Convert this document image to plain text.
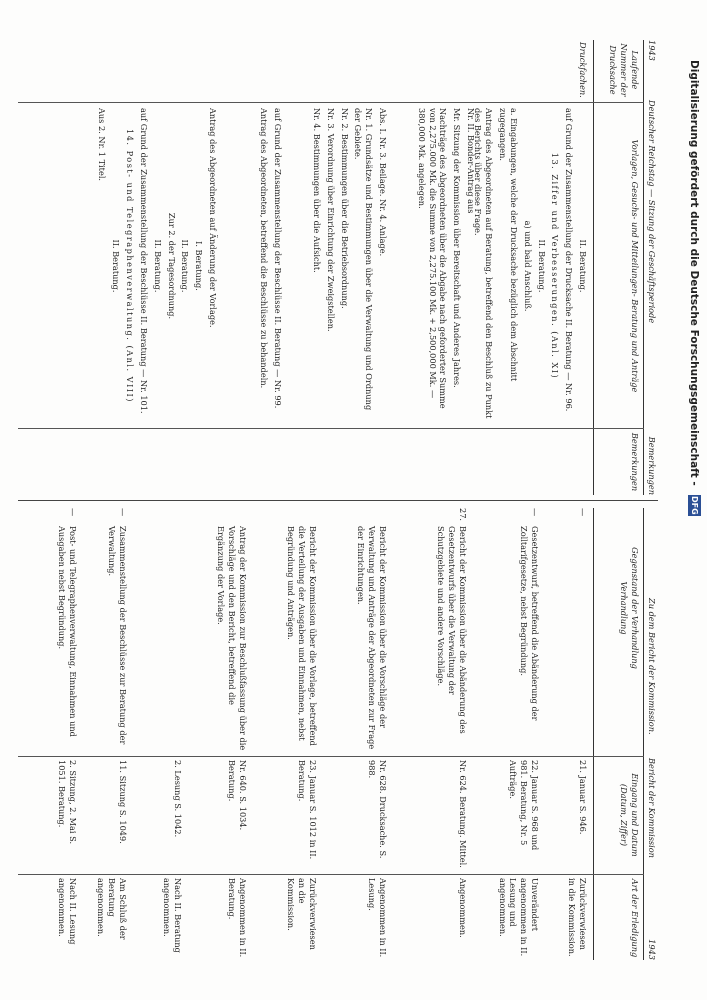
1943
Deutscher Reichstag — Sitzung der Geschäftsperiode
Bemerkungen
Laufende Nummer der Drucksache
Vorlagen, Gesuchs- und Mitteilungen- Beratung und Anträge
Bemerkungen
Druckfachen.

II. Beratung.

auf Grund der Zusammenstellung der Drucksache II. Beratung — Nr. 96.

13. Ziffer und Verbesserungen. (Anl. XI)

II. Beratung.

a) und bald Anschluß.

a. Eingabungen, welche der Drucksache bezüglich dem Abschnitt zugegangen.

Antrag des Abgeordneten auf Beratung, betreffend den Beschluß zu Punkt des Berichts über diese Frage.

Nr. II. Bonder-Antrag aus

Mr. Sitzung der Kommission über Bereitschaft und Anderes Jahres.

Nachträge des Abgeordneten über die Abgabe nach geforderter Summe von 2,275.000 Mk. die Summe von 2,275.100 Mk. + 2,500,000 Mk. — 380,000 Mk. angelegen.

Abs. I. Nr. 3. Beilage. Nr. 4. Anlage.

Nr. 1. Grundsätze und Bestimmungen über die Verwaltung und Ordnung der Gebiete.

Nr. 2. Bestimmungen über die Betriebsordnung.

Nr. 3. Verordnung über Einrichtung der Zweigstellen.

Nr. 4. Bestimmungen über die Aufsicht.

auf Grund der Zusammenstellung der Beschlüsse II. Beratung — Nr. 99.

Antrag des Abgeordneten, betreffend die Beschlüsse zu behandeln.

Antrag des Abgeordneten auf Änderung der Vorlage.

I. Beratung.

II. Beratung.

Zur 2. der Tagesordnung.

II. Beratung.

auf Grund der Zusammenstellung der Beschlüsse II. Beratung — Nr. 101.

14. Post- und Telegraphenverwaltung. (Anl. VIII)

II. Beratung.

Aus 2. Nr. 1 Titel.

Zu dem Bericht der Kommission.
Bericht der Kommission
1943
Gegenstand der Verhandlung
Verhandlung
Eingang und Datum
(Datum, Ziffer)
Art der Erledigung
—
21. Januar S. 946.
Zurückverwiesen in die Kommission.
—
Gesetzentwurf, betreffend die Abänderung der Zolltarifgesetze, nebst Begründung.
22. Januar S. 968 und 981. Beratung, Nr. 5 Aufträge.
Unverändert angenommen in II. Lesung und angenommen.
27.
Bericht der Kommission über die Abänderung des Gesetzentwurfs über die Verwaltung der Schutzgebiete und andere Vorschläge.
Nr. 624. Beratung. Mittel.
Angenommen.
Bericht der Kommission über die Vorschläge der Verwaltung und Anträge der Abgeordneten zur Frage der Einrichtungen.
Nr. 628. Drucksache. S. 988.
Angenommen in II. Lesung.
Bericht der Kommission über die Vorlage, betreffend die Verteilung der Ausgaben und Einnahmen, nebst Begründung und Anträgen.
23. Januar S. 1012 in II. Beratung.
Zurückverwiesen an die Kommission.
Antrag der Kommission zur Beschlußfassung über die Vorschläge und den Bericht, betreffend die Ergänzung der Vorlage.
Nr. 640. S. 1034. Beratung.
Angenommen in II. Beratung.
2. Lesung S. 1042.
Nach II. Beratung angenommen.
—
Zusammenstellung der Beschlüsse zur Beratung der Verwaltung.
11. Sitzung S. 1049.
Am Schluß der Beratung angenommen.
—
Post- und Telegraphenverwaltung, Einnahmen und Ausgaben nebst Begründung.
2. Sitzung, 2. Mai S. 1051. Beratung.
Nach II. Lesung angenommen.
Digitalisierung gefördert durch die Deutsche Forschungsgemeinschaft - DFG
